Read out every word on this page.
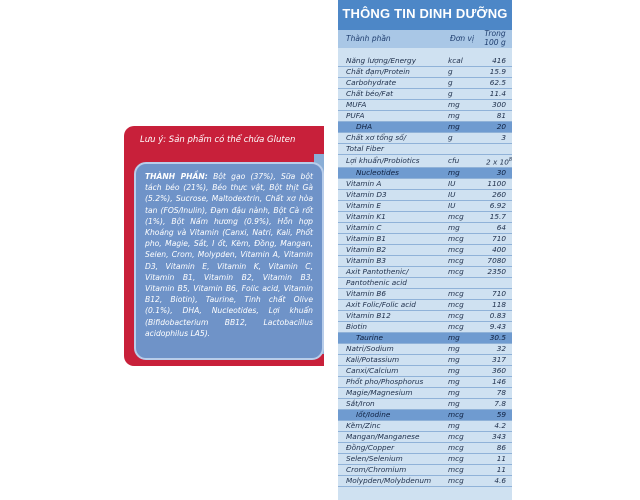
Lưu ý: Sản phẩm có thể chứa Gluten
THÀNH PHẦN: Bột gạo (37%), Sữa bột tách béo (21%), Béo thực vật, Bột thịt Gà (5.2%), Sucrose, Maltodextrin, Chất xơ hòa tan (FOS/Inulin), Đạm đậu nành, Bột Cà rốt (1%), Bột Nấm hương (0.9%), Hỗn hợp Khoáng và Vitamin (Canxi, Natri, Kali, Phốt pho, Magie, Sắt, I ốt, Kẽm, Đồng, Mangan, Selen, Crom, Molypden, Vitamin A, Vitamin D3, Vitamin E, Vitamin K, Vitamin C, Vitamin B1, Vitamin B2, Vitamin B3, Vitamin B5, Vitamin B6, Folic acid, Vitamin B12, Biotin), Taurine, Tinh chất Olive (0.1%), DHA, Nucleotides, Lợi khuẩn (Bifidobacterium BB12, Lactobacillus acidophilus LA5).
THÔNG TIN DINH DƯỠNG
Thành phần	Đơn vị
Trong
100 g
Năng lượng/Energy	kcal	416
Chất đạm/Protein	g	15.9
Carbohydrate	g	62.5
Chất béo/Fat	g	11.4
MUFA	mg	300
PUFA	mg	81
DHA	mg	20
Chất xơ tổng số/	g	3
Total Fiber		
Lợi khuẩn/Probiotics	cfu	2 x $10^8$
Nucleotides	mg	30
Vitamin A	IU	1100
Vitamin D3	IU	260
Vitamin E	IU	6.92
Vitamin K1	mcg	15.7
Vitamin C	mg	64
Vitamin B1	mcg	710
Vitamin B2	mcg	400
Vitamin B3	mcg	7080
Axit Pantothenic/	mcg	2350
Pantothenic acid		
Vitamin B6	mcg	710
Axit Folic/Folic acid	mcg	118
Vitamin B12	mcg	0.83
Biotin	mcg	9.43
Taurine	mg	30.5
Natri/Sodium	mg	32
Kali/Potassium	mg	317
Canxi/Calcium	mg	360
Phốt pho/Phosphorus	mg	146
Magie/Magnesium	mg	78
Sắt/Iron	mg	7.8
Iốt/Iodine	mcg	59
Kẽm/Zinc	mg	4.2
Mangan/Manganese	mcg	343
Đồng/Copper	mcg	86
Selen/Selenium	mcg	11
Crom/Chromium	mcg	11
Molypden/Molybdenum	mcg	4.6
